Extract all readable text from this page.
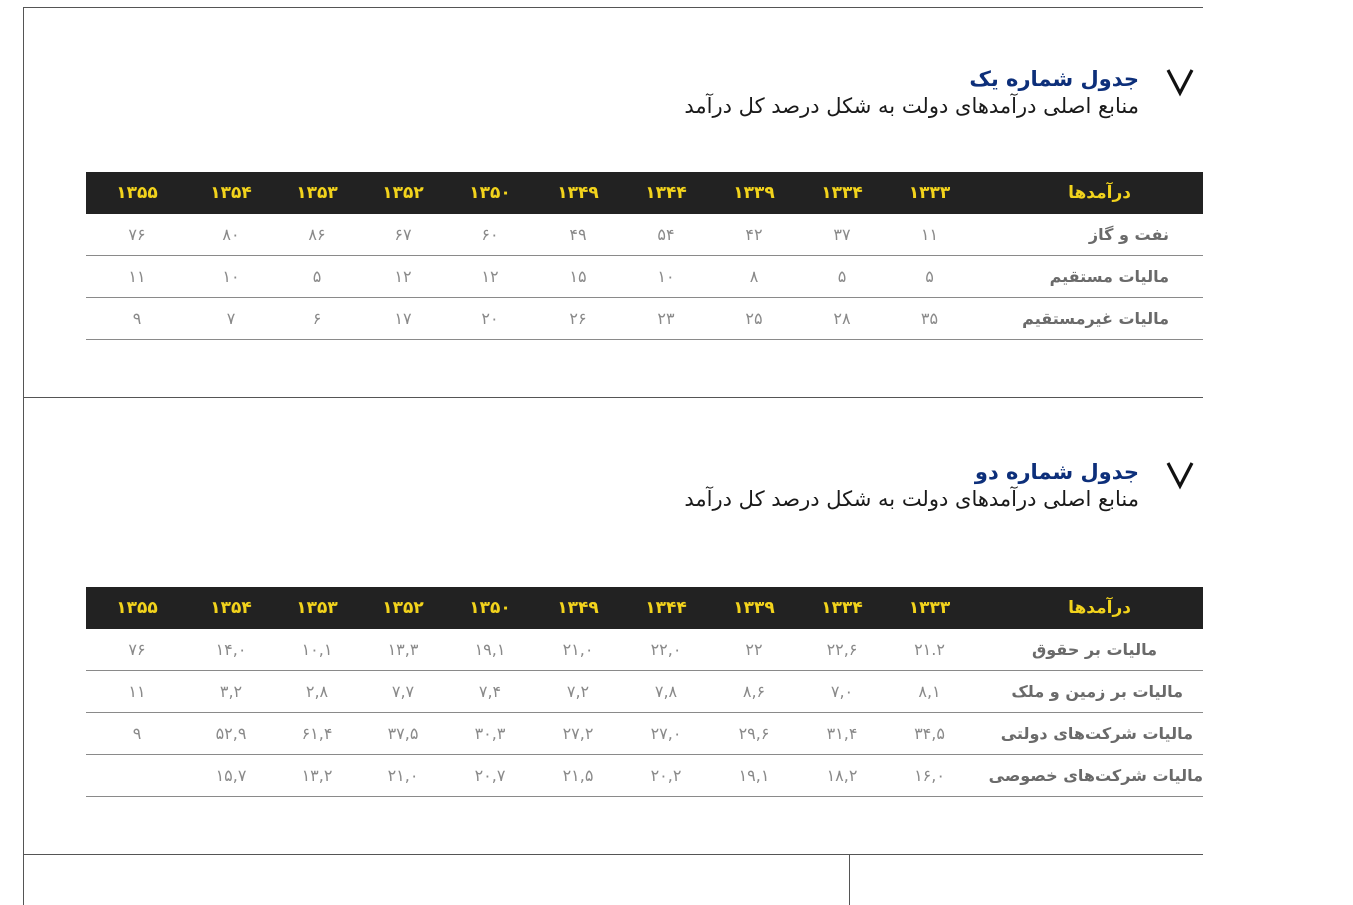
جدول شماره یک
منابع اصلی درآمدهای دولت به شکل درصد کل درآمد
درآمدها	۱۳۳۳	۱۳۳۴	۱۳۳۹	۱۳۴۴	۱۳۴۹	۱۳۵۰	۱۳۵۲	۱۳۵۳	۱۳۵۴	۱۳۵۵
نفت و گاز	۱۱	۳۷	۴۲	۵۴	۴۹	۶۰	۶۷	۸۶	۸۰	۷۶
مالیات مستقیم	۵	۵	۸	۱۰	۱۵	۱۲	۱۲	۵	۱۰	۱۱
مالیات غیرمستقیم	۳۵	۲۸	۲۵	۲۳	۲۶	۲۰	۱۷	۶	۷	۹
جدول شماره دو
منابع اصلی درآمدهای دولت به شکل درصد کل درآمد
درآمدها	۱۳۳۳	۱۳۳۴	۱۳۳۹	۱۳۴۴	۱۳۴۹	۱۳۵۰	۱۳۵۲	۱۳۵۳	۱۳۵۴	۱۳۵۵
مالیات بر حقوق	۲۱.۲	۲۲,۶	۲۲	۲۲,۰	۲۱,۰	۱۹,۱	۱۳,۳	۱۰,۱	۱۴,۰	۷۶
مالیات بر زمین و ملک	۸,۱	۷,۰	۸,۶	۷,۸	۷,۲	۷,۴	۷,۷	۲,۸	۳,۲	۱۱
مالیات شرکت‌های دولتی	۳۴,۵	۳۱,۴	۲۹,۶	۲۷,۰	۲۷,۲	۳۰,۳	۳۷,۵	۶۱,۴	۵۲,۹	۹
مالیات شرکت‌های خصوصی	۱۶,۰	۱۸,۲	۱۹,۱	۲۰,۲	۲۱,۵	۲۰,۷	۲۱,۰	۱۳,۲	۱۵,۷	
